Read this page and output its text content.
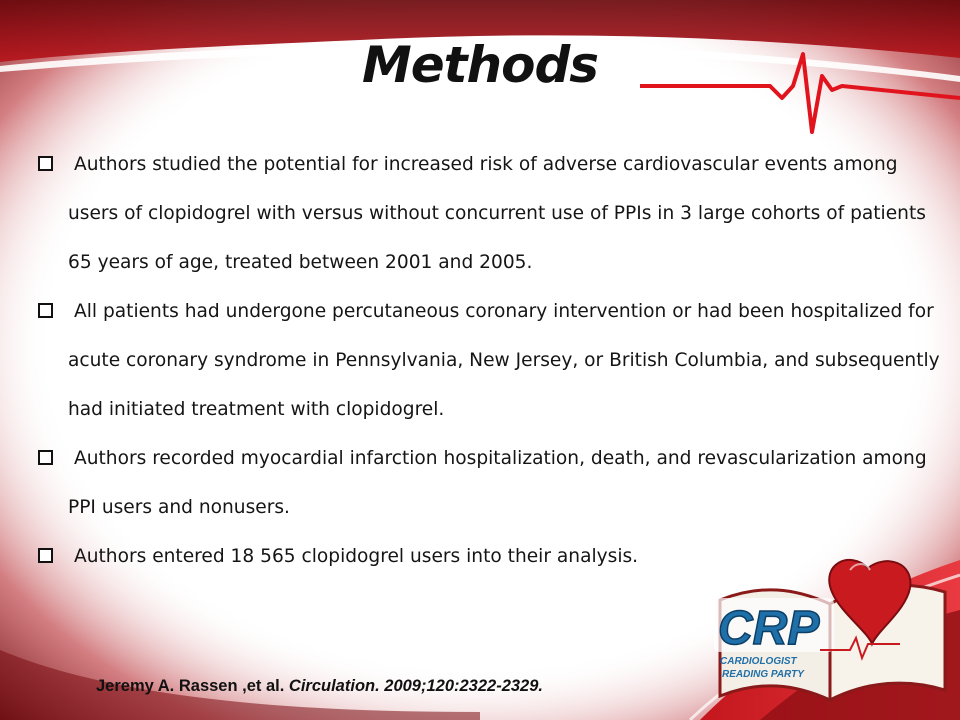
Methods
Authors studied the potential for increased risk of adverse cardiovascular events among users of clopidogrel with versus without concurrent use of PPIs in 3 large cohorts of patients 65 years of age, treated between 2001 and 2005.
All patients had undergone percutaneous coronary intervention or had been hospitalized for acute coronary syndrome in Pennsylvania, New Jersey, or British Columbia, and subsequently had initiated treatment with clopidogrel.
Authors recorded myocardial infarction hospitalization, death, and revascularization among PPI users and nonusers.
Authors entered 18 565 clopidogrel users into their analysis.
CRP
CARDIOLOGIST
READING PARTY
Jeremy A. Rassen ,et al. Circulation. 2009;120:2322-2329.
